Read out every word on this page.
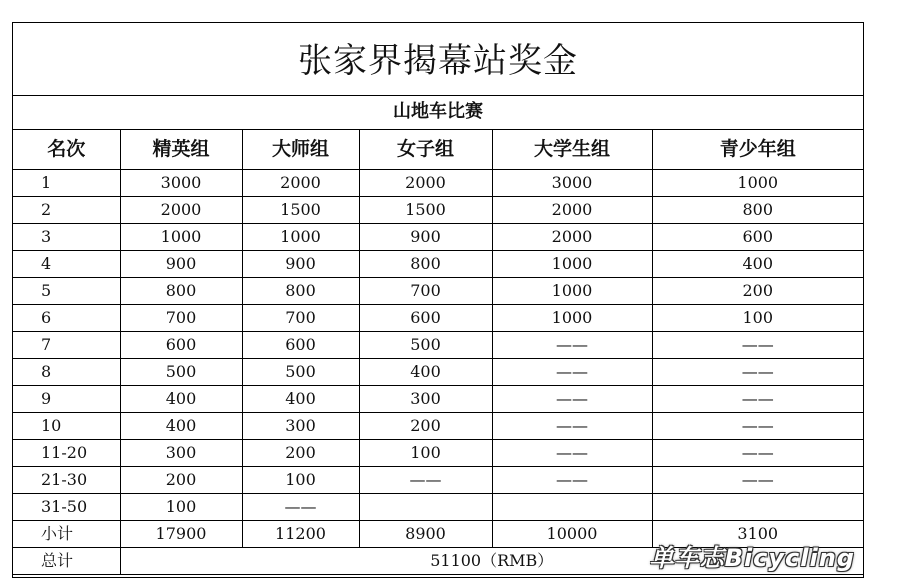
张家界揭幕站奖金
山地车比赛
名次	精英组	大师组	女子组	大学生组	青少年组
1	3000	2000	2000	3000	1000
2	2000	1500	1500	2000	800
3	1000	1000	900	2000	600
4	900	900	800	1000	400
5	800	800	700	1000	200
6	700	700	600	1000	100
7	600	600	500	——	——
8	500	500	400	——	——
9	400	400	300	——	——
10	400	300	200	——	——
11-20	300	200	100	——	——
21-30	200	100	——	——	——
31-50	100	——			
小计	17900	11200	8900	10000	3100
总计	51100（RMB）					单车志Bicycling
